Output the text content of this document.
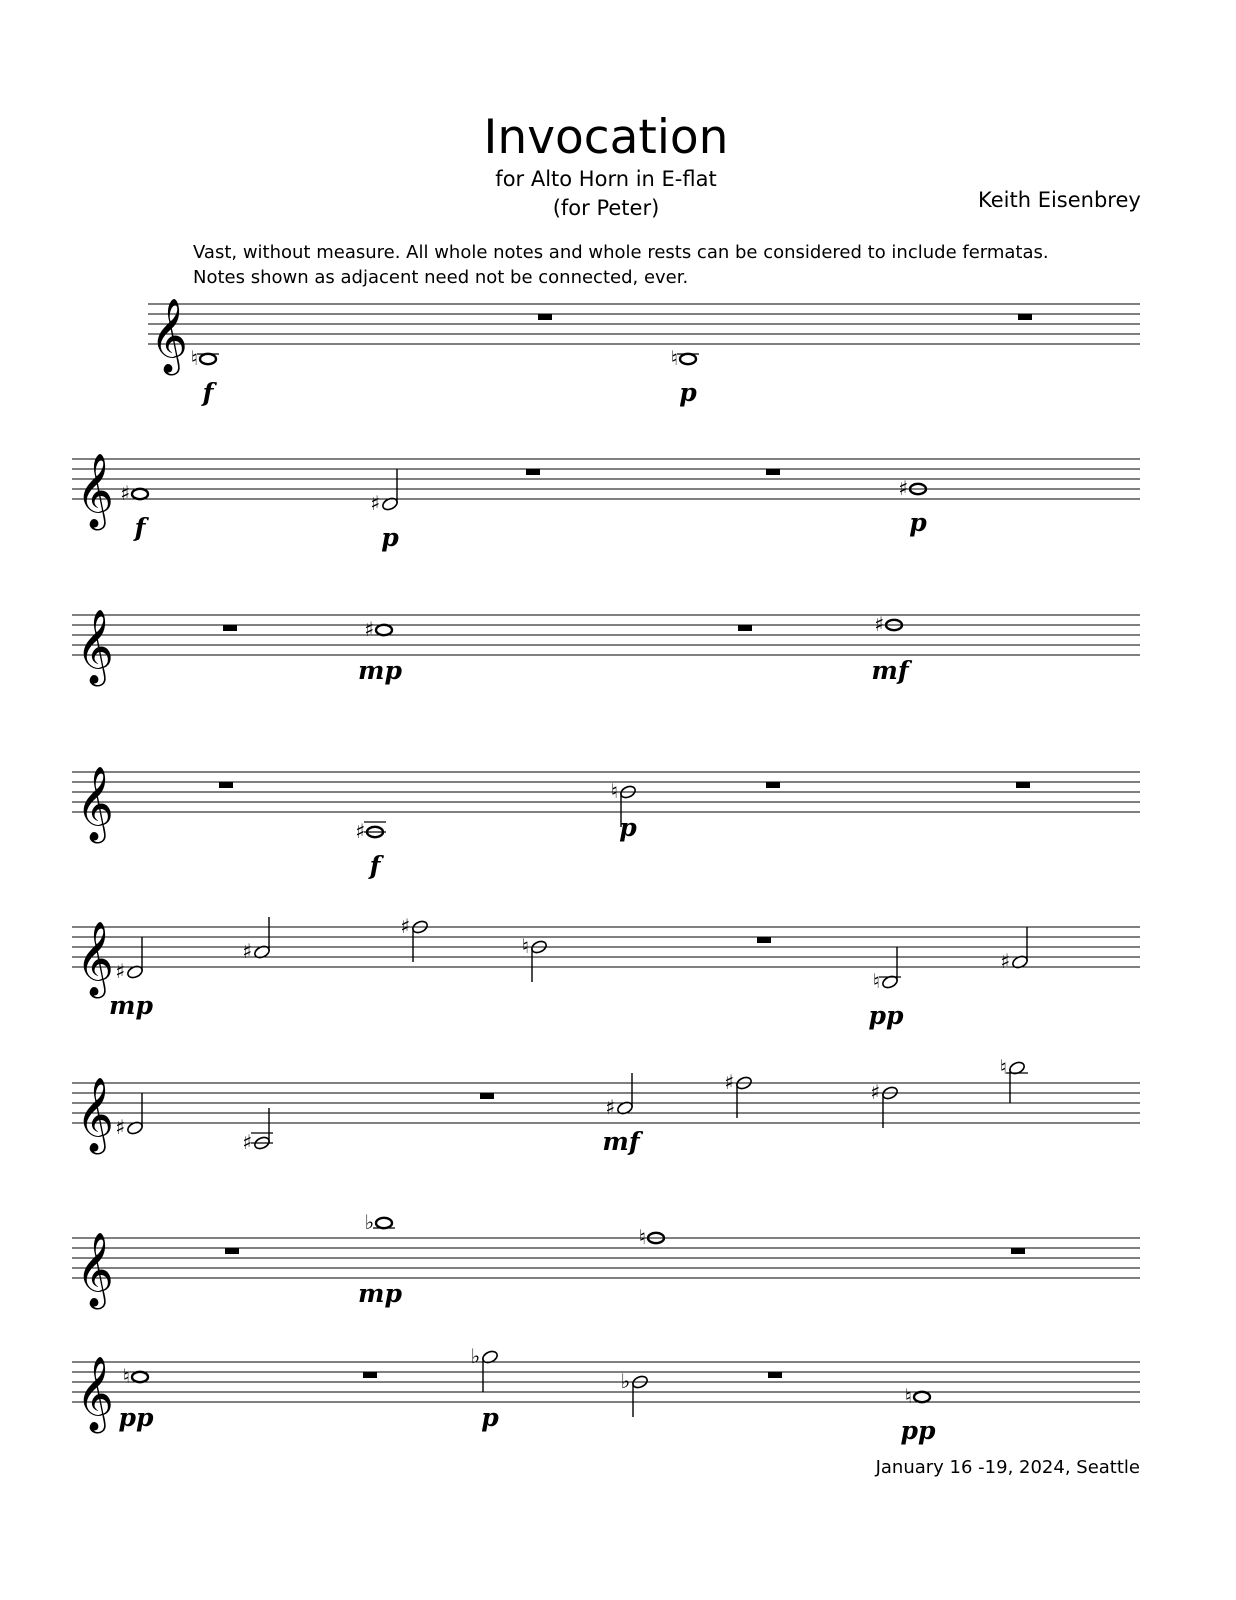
Invocation
for Alto Horn in E-flat
(for Peter)	Keith Eisenbrey
Vast, without measure. All whole notes and whole rests can be considered to include fermatas.
Notes shown as adjacent need not be connected, ever.
𝄞 ♮
f
♮
p
𝄞 ♯
f
♯
p
♯
p
𝄞	♯
mp
♯
mf
𝄞	♯
f
♮
p
𝄞 ♯
mp
♯
♯
♮
♮
pp
♯
𝄞 ♯
♯
♯
mf
♯	♯
♮
𝄞
♭
mp
♮
𝄞 ♮
pp
♭
p
♭
♮
pp
January 16 -19, 2024, Seattle
